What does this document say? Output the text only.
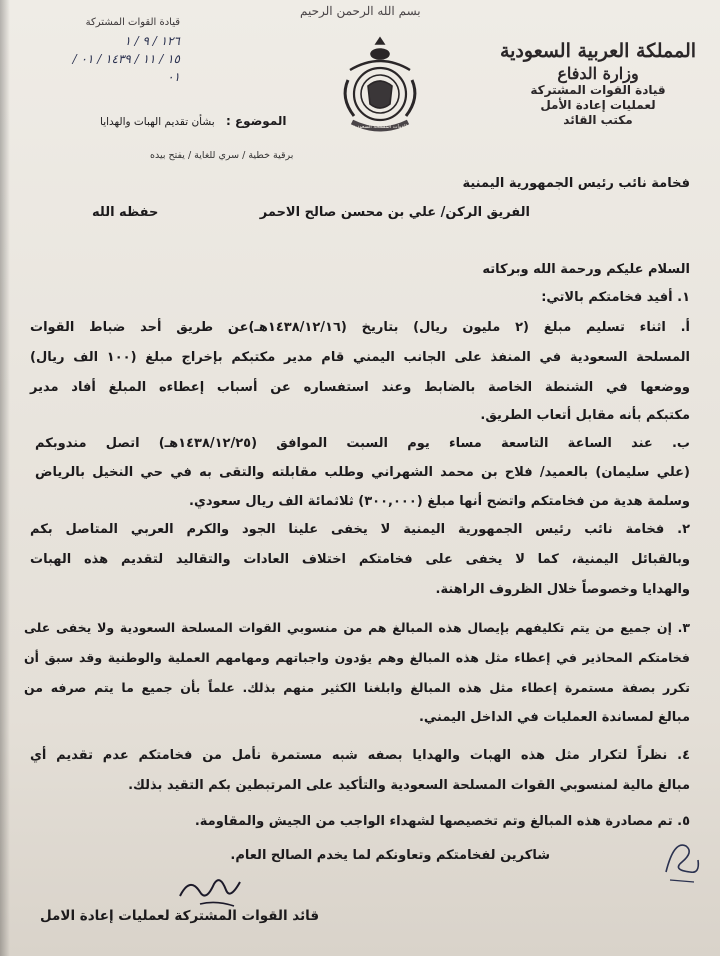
بسم الله الرحمن الرحيم
المملكة العربية السعودية
وزارة الدفاع
قيادة القوات المشتركة
لعمليات إعادة الأمل
مكتب القائد
القوات المسلحة السعودية
قيادة القوات المشتركة
١٢٦ / ٩ / ١
١٥ / ١١ / ١٤٣٩ / ٠١ / ٠١
الموضوع : بشأن تقديم الهبات والهدايا
برقية خطية / سري للغاية / يفتح بيده
فخامة نائب رئيس الجمهورية اليمنية
الفريق الركن/ علي بن محسن صالح الاحمر
حفظه الله
السلام عليكم ورحمة الله وبركاته
١. أفيد فخامتكم بالاتي:
أ. اثناء تسليم مبلغ (٢ مليون ريال) بتاريخ (١٤٣٨/١٢/١٦هـ)عن طريق أحد ضباط القوات
المسلحة السعودية في المنفذ على الجانب اليمني قام مدير مكتبكم بإخراج مبلغ (١٠٠ الف ريال)
ووضعها في الشنطة الخاصة بالضابط وعند استفساره عن أسباب إعطاءه المبلغ أفاد مدير
مكتبكم بأنه مقابل أتعاب الطريق.
ب. عند الساعة التاسعة مساء يوم السبت الموافق (١٤٣٨/١٢/٢٥هـ) اتصل مندوبكم
(علي سليمان) بالعميد/ فلاح بن محمد الشهراني وطلب مقابلته والتقى به في حي النخيل بالرياض
وسلمة هدية من فخامتكم واتضح أنها مبلغ (٣٠٠,٠٠٠) ثلاثمائة الف ريال سعودي.
٢. فخامة نائب رئيس الجمهورية اليمنية لا يخفى علينا الجود والكرم العربي المتاصل بكم
وبالقبائل اليمنية، كما لا يخفى على فخامتكم اختلاف العادات والتقاليد لتقديم هذه الهبات
والهدايا وخصوصاً خلال الظروف الراهنة.
٣. إن جميع من يتم تكليفهم بإيصال هذه المبالغ هم من منسوبي القوات المسلحة السعودية ولا يخفى على
فخامتكم المحاذير في إعطاء مثل هذه المبالغ وهم يؤدون واجباتهم ومهامهم العملية والوطنية وقد سبق أن
تكرر بصفة مستمرة إعطاء مثل هذه المبالغ وابلغنا الكثير منهم بذلك. علماً بأن جميع ما يتم صرفه من
مبالغ لمساندة العمليات في الداخل اليمني.
٤. نظراً لتكرار مثل هذه الهبات والهدايا بصفه شبه مستمرة نأمل من فخامتكم عدم تقديم أي
مبالغ مالية لمنسوبي القوات المسلحة السعودية والتأكيد على المرتبطين بكم التقيد بذلك.
٥. تم مصادرة هذه المبالغ وتم تخصيصها لشهداء الواجب من الجيش والمقاومة.
شاكرين لفخامتكم وتعاونكم لما يخدم الصالح العام.
قائد القوات المشتركة لعمليات إعادة الامل
